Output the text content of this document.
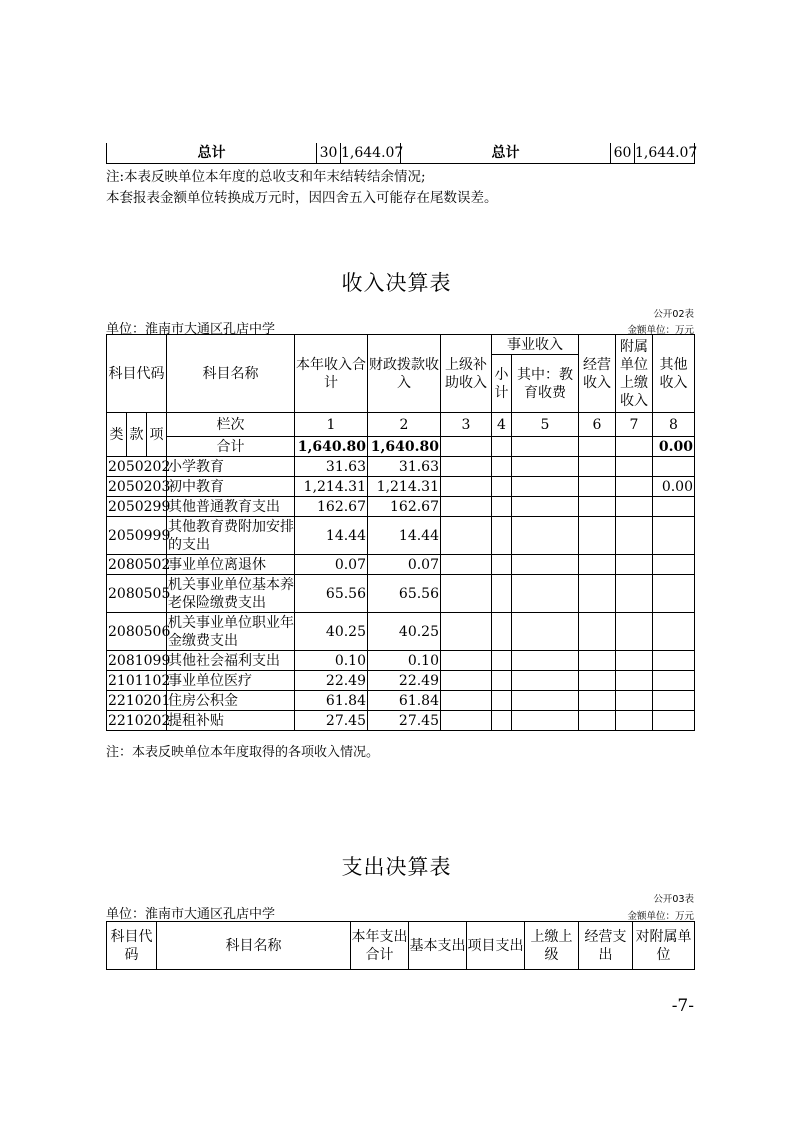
总计	30	1,644.07	总计	60	1,644.07
注:本表反映单位本年度的总收支和年末结转结余情况;
本套报表金额单位转换成万元时，因四舍五入可能存在尾数误差。
收入决算表
公开02表
单位：淮南市大通区孔店中学	金额单位：万元
科目代码			科目名称	本年收入合计	财政拨款收入	上级补助收入	事业收入		经营收入	附属单位上缴收入	其他收入
							小计	其中：教育收费			

类	款	项	栏次	1	2	3	4	5	6	7	8
			合计	1,640.80	1,640.80						0.00
2050202			小学教育	31.63	31.63						
2050203			初中教育	1,214.31	1,214.31						0.00
2050299			其他普通教育支出	162.67	162.67						
2050999			其他教育费附加安排的支出	14.44	14.44						
2080502			事业单位离退休	0.07	0.07						
2080505			机关事业单位基本养老保险缴费支出	65.56	65.56						
2080506			机关事业单位职业年金缴费支出	40.25	40.25						
2081099			其他社会福利支出	0.10	0.10						
2101102			事业单位医疗	22.49	22.49						
2210201			住房公积金	61.84	61.84						
2210202			提租补贴	27.45	27.45						
注：本表反映单位本年度取得的各项收入情况。
支出决算表
公开03表
单位：淮南市大通区孔店中学	金额单位：万元
科目代码	科目名称	本年支出合计	基本支出	项目支出	上缴上级	经营支出	对附属单位
-7-
